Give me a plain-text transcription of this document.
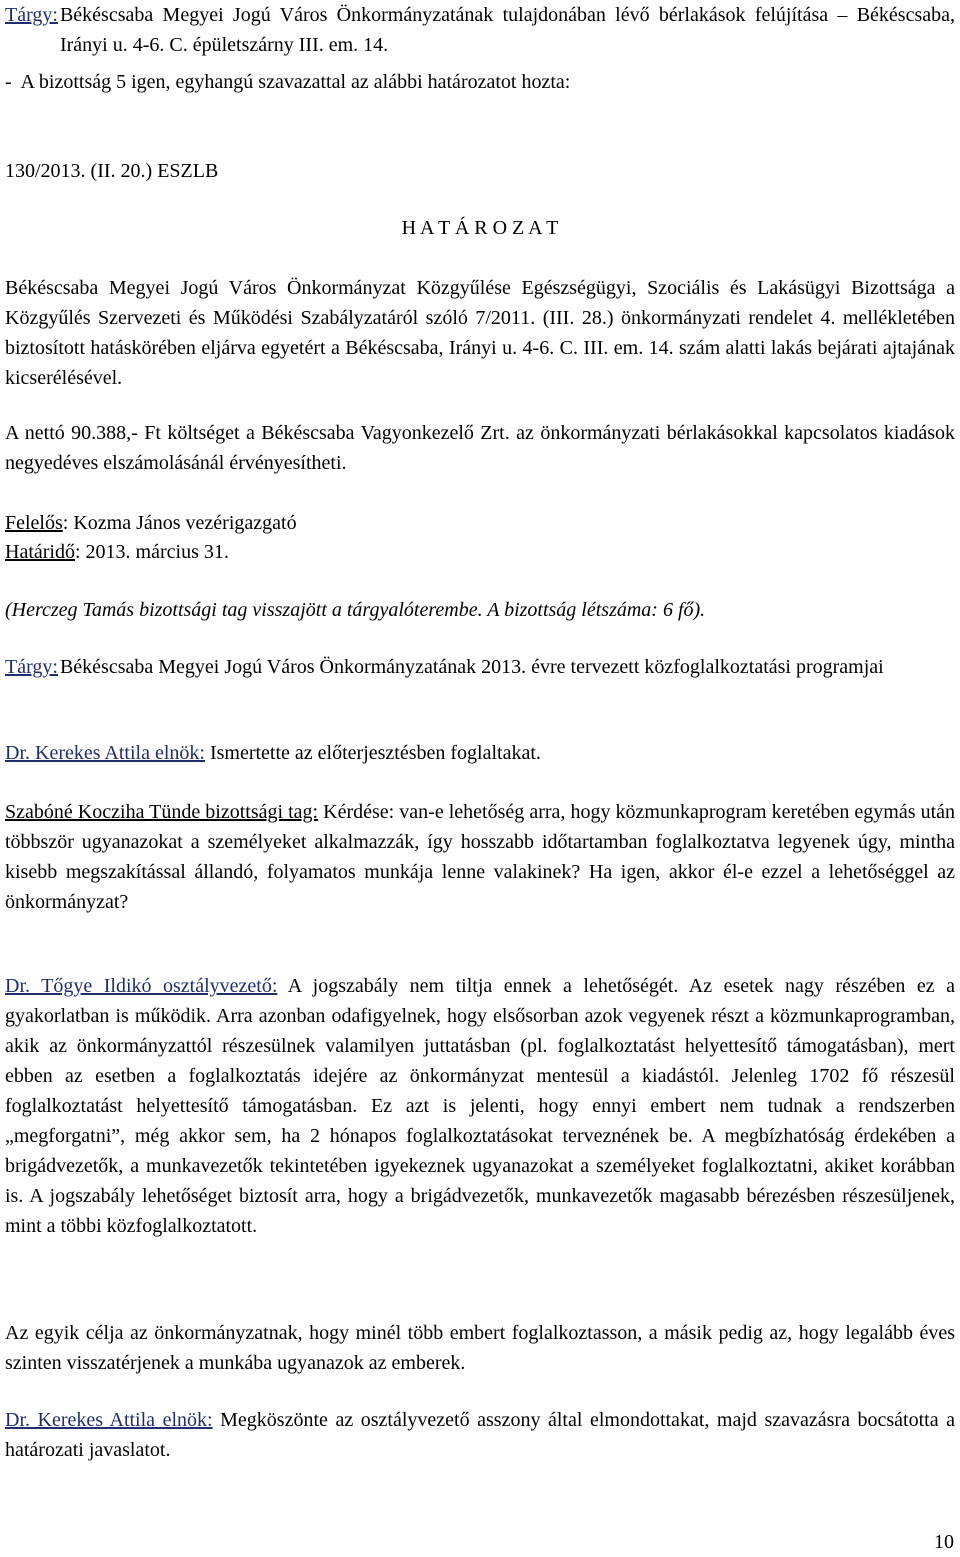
Tárgy: Békéscsaba Megyei Jogú Város Önkormányzatának tulajdonában lévő bérlakások felújítása – Békéscsaba, Irányi u. 4-6. C. épületszárny III. em. 14.

-  A bizottság 5 igen, egyhangú szavazattal az alábbi határozatot hozta:

130/2013. (II. 20.) ESZLB

H A T Á R O Z A T

Békéscsaba Megyei Jogú Város Önkormányzat Közgyűlése Egészségügyi, Szociális és Lakásügyi Bizottsága a Közgyűlés Szervezeti és Működési Szabályzatáról szóló 7/2011. (III. 28.) önkormányzati rendelet 4. mellékletében biztosított hatáskörében eljárva egyetért a Békéscsaba, Irányi u. 4-6. C. III. em. 14. szám alatti lakás bejárati ajtajának kicserélésével.

A nettó 90.388,- Ft költséget a Békéscsaba Vagyonkezelő Zrt. az önkormányzati bérlakásokkal kapcsolatos kiadások negyedéves elszámolásánál érvényesítheti.

Felelős: Kozma János vezérigazgató

Határidő: 2013. március 31.

(Herczeg Tamás bizottsági tag visszajött a tárgyalóterembe. A bizottság létszáma: 6 fő).

Tárgy: Békéscsaba Megyei Jogú Város Önkormányzatának 2013. évre tervezett közfoglalkoztatási programjai

Dr. Kerekes Attila elnök: Ismertette az előterjesztésben foglaltakat.

Szabóné Kocziha Tünde bizottsági tag: Kérdése: van-e lehetőség arra, hogy közmunkaprogram keretében egymás után többször ugyanazokat a személyeket alkalmazzák, így hosszabb időtartamban foglalkoztatva legyenek úgy, mintha kisebb megszakítással állandó, folyamatos munkája lenne valakinek? Ha igen, akkor él-e ezzel a lehetőséggel az önkormányzat?

Dr. Tőgye Ildikó osztályvezető: A jogszabály nem tiltja ennek a lehetőségét. Az esetek nagy részében ez a gyakorlatban is működik. Arra azonban odafigyelnek, hogy elsősorban azok vegyenek részt a közmunkaprogramban, akik az önkormányzattól részesülnek valamilyen juttatásban (pl. foglalkoztatást helyettesítő támogatásban), mert ebben az esetben a foglalkoztatás idejére az önkormányzat mentesül a kiadástól. Jelenleg 1702 fő részesül foglalkoztatást helyettesítő támogatásban. Ez azt is jelenti, hogy ennyi embert nem tudnak a rendszerben „megforgatni”, még akkor sem, ha 2 hónapos foglalkoztatásokat terveznének be. A megbízhatóság érdekében a brigádvezetők, a munkavezetők tekintetében igyekeznek ugyanazokat a személyeket foglalkoztatni, akiket korábban is. A jogszabály lehetőséget biztosít arra, hogy a brigádvezetők, munkavezetők magasabb bérezésben részesüljenek, mint a többi közfoglalkoztatott.

Az egyik célja az önkormányzatnak, hogy minél több embert foglalkoztasson, a másik pedig az, hogy legalább éves szinten visszatérjenek a munkába ugyanazok az emberek.

Dr. Kerekes Attila elnök: Megköszönte az osztályvezető asszony által elmondottakat, majd szavazásra bocsátotta a határozati javaslatot.

10
